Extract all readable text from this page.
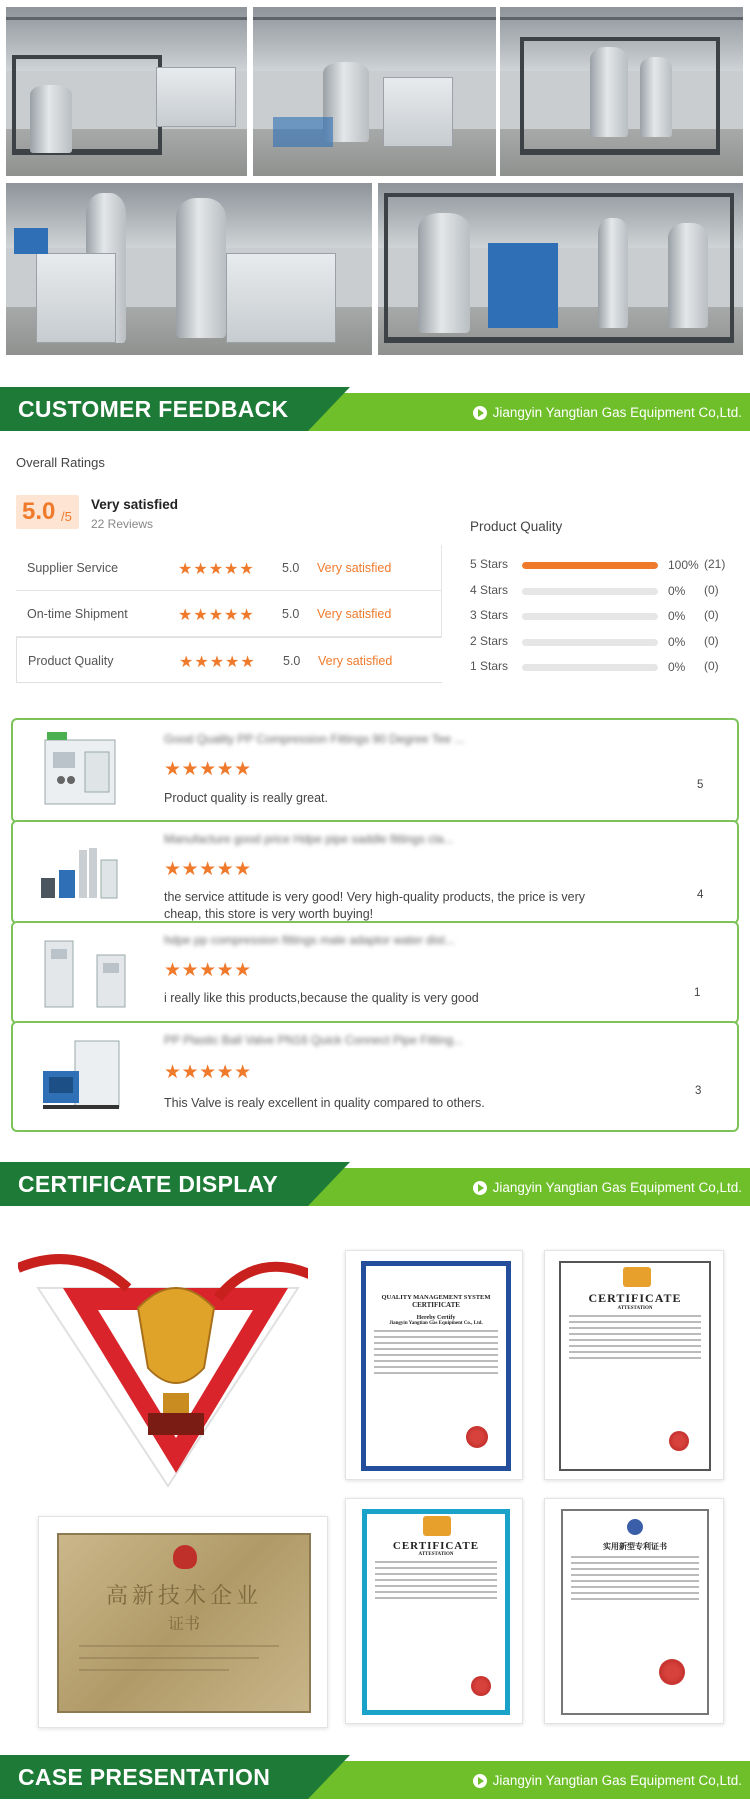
CUSTOMER FEEDBACK	Jiangyin Yangtian Gas Equipment Co,Ltd.
Overall Ratings
5.0 /5
Very satisfied
22 Reviews
Supplier Service	★★★★★ 5.0 Very satisfied
On-time Shipment	★★★★★ 5.0 Very satisfied
Product Quality	★★★★★ 5.0 Very satisfied
Product Quality
5 Stars	100% (21)
4 Stars	0% (0)
3 Stars	0% (0)
2 Stars	0% (0)
1 Stars	0% (0)
Good Quality PP Compression Fittings 90 Degree Tee ...
★★★★★
Product quality is really great.
5
Manufacture good price Hdpe pipe saddle fittings cla...
★★★★★
the service attitude is very good! Very high-quality products, the price is very cheap, this store is very worth buying!
4
hdpe pp compression fittings male adaptor water dist...
★★★★★
i really like this products,because the quality is very good	1
PP Plastic Ball Valve PN16 Quick Connect Pipe Fitting...
★★★★★
This Valve is realy excellent in quality compared to others.
3
CERTIFICATE DISPLAY	Jiangyin Yangtian Gas Equipment Co,Ltd.
QUALITY MANAGEMENT SYSTEM
CERTIFICATE
Hereby Certify
Jiangyin Yangtian Gas Equipment Co., Ltd.
CERTIFICATE
ATTESTATION
高新技术企业
证书
CERTIFICATE
ATTESTATION
实用新型专利证书
CASE PRESENTATION	Jiangyin Yangtian Gas Equipment Co,Ltd.
